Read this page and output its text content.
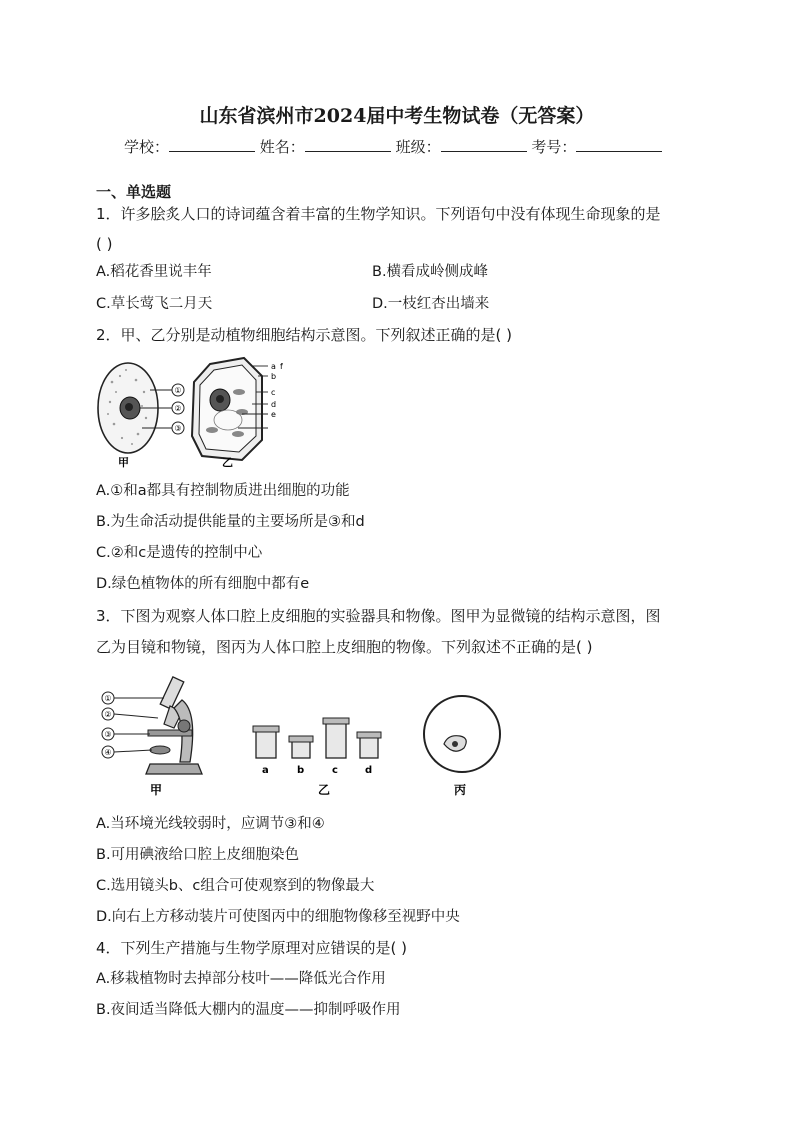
山东省滨州市2024届中考生物试卷（无答案）
学校：	姓名：	班级：	考号：
一、单选题
1．许多脍炙人口的诗词蕴含着丰富的生物学知识。下列语句中没有体现生命现象的是
( )
A.稻花香里说丰年	B.横看成岭侧成峰
C.草长莺飞二月天	D.一枝红杏出墙来
2．甲、乙分别是动植物细胞结构示意图。下列叙述正确的是( )
①
②
③
甲
a
b
c
d
e
f
乙
A.①和a都具有控制物质进出细胞的功能
B.为生命活动提供能量的主要场所是③和d
C.②和c是遗传的控制中心
D.绿色植物体的所有细胞中都有e
3．下图为观察人体口腔上皮细胞的实验器具和物像。图甲为显微镜的结构示意图，图
乙为目镜和物镜，图丙为人体口腔上皮细胞的物像。下列叙述不正确的是( )
①
②
③
④
甲
a	b	c	d
乙	丙
A.当环境光线较弱时，应调节③和④
B.可用碘液给口腔上皮细胞染色
C.选用镜头b、c组合可使观察到的物像最大
D.向右上方移动装片可使图丙中的细胞物像移至视野中央
4．下列生产措施与生物学原理对应错误的是( )
A.移栽植物时去掉部分枝叶——降低光合作用
B.夜间适当降低大棚内的温度——抑制呼吸作用
